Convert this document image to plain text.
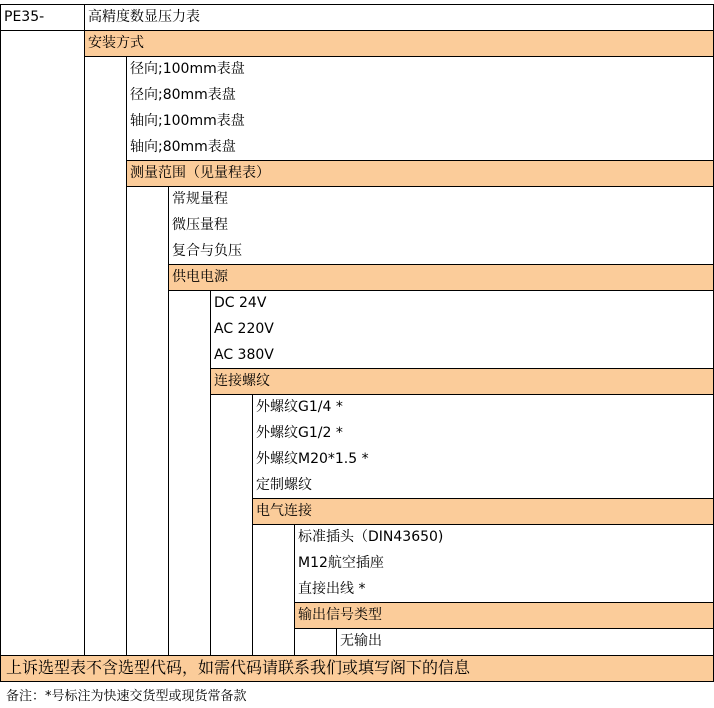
PE35-	高精度数显压力表
安装方式
径向;100mm表盘
径向;80mm表盘
轴向;100mm表盘
轴向;80mm表盘
测量范围（见量程表）
常规量程
微压量程
复合与负压
供电电源
DC 24V
AC 220V
AC 380V
连接螺纹
外螺纹G1/4 *
外螺纹G1/2 *
外螺纹M20*1.5 *
定制螺纹
电气连接
标准插头（DIN43650)
M12航空插座
直接出线 *
输出信号类型
无输出
上诉选型表不含选型代码，如需代码请联系我们或填写阁下的信息
备注：*号标注为快速交货型或现货常备款
